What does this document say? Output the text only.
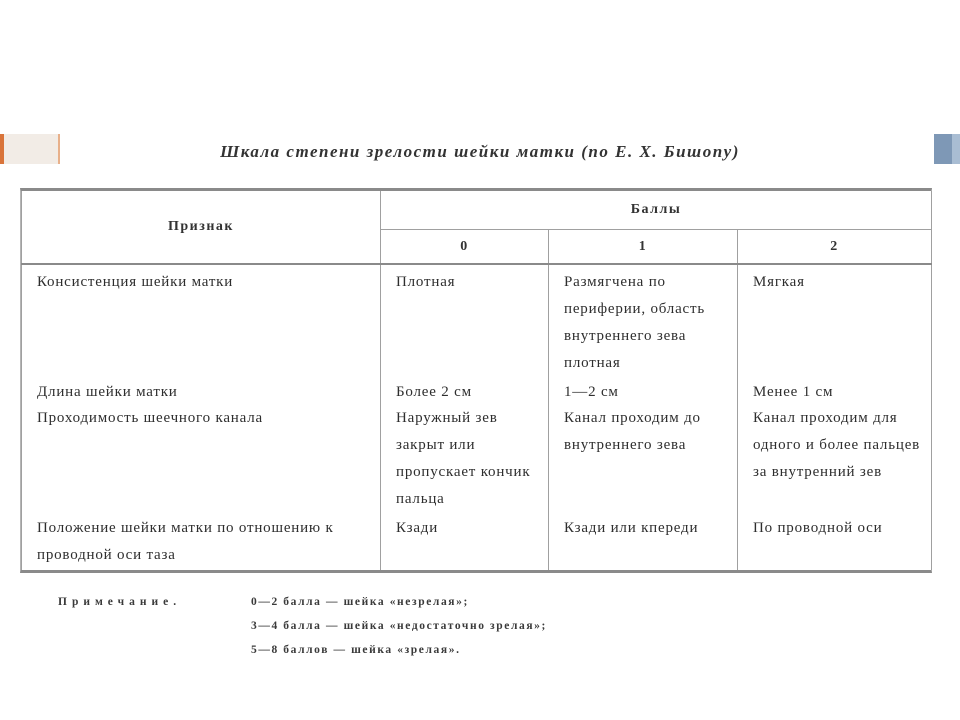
Шкала степени зрелости шейки матки (по Е. Х. Бишопу)
Признак	Баллы		
	0	1	2
Консистенция шейки матки	Плотная	Размягчена по периферии, область внутреннего зева плотная	Мягкая
Длина шейки матки	Более 2 см	1—2 см	Менее 1 см
Проходимость шеечного канала	Наружный зев закрыт или пропускает кончик пальца	Канал проходим до внутреннего зева	Канал проходим для одного и более пальцев за внутренний зев
Положение шейки матки по отношению к проводной оси таза	Кзади	Кзади или кпереди	По проводной оси
Примечание.	0—2 балла — шейка «незрелая»;
3—4 балла — шейка «недостаточно зрелая»;
5—8 баллов — шейка «зрелая».
